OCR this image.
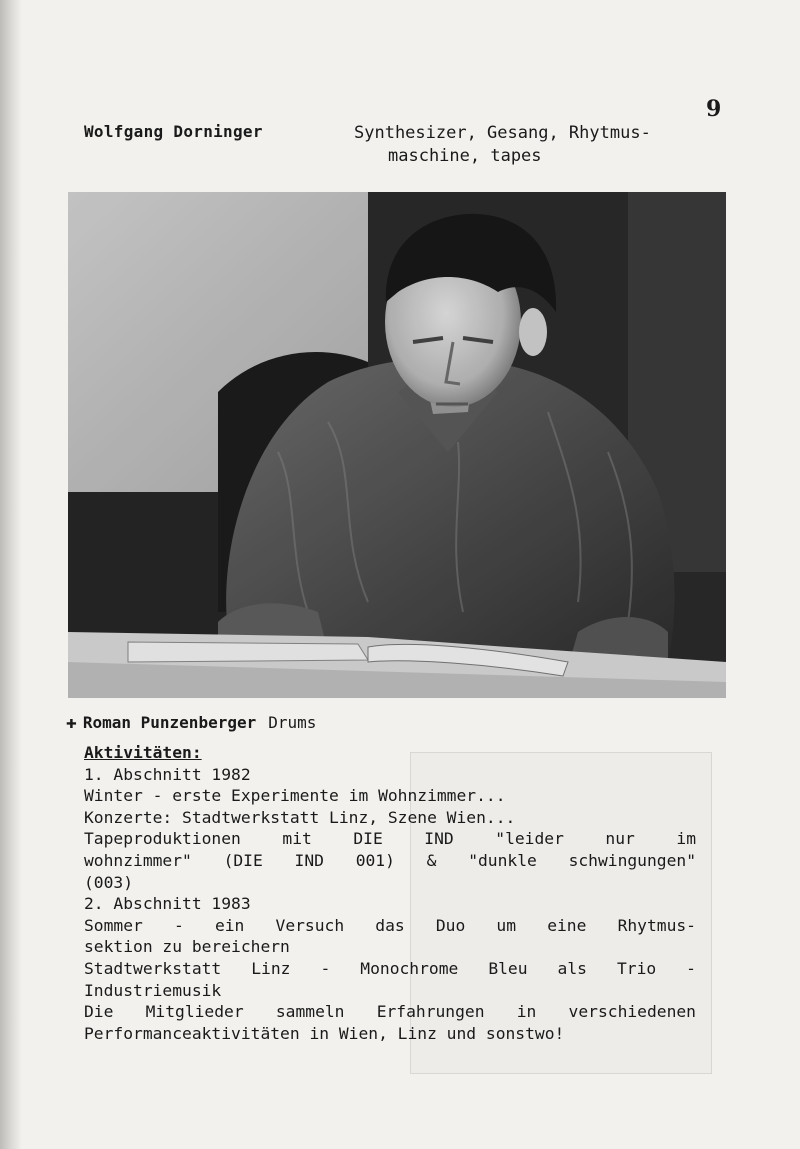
9
Wolfgang Dorninger	Synthesizer, Gesang, Rhytmus-
maschine, tapes
✚ Roman Punzenberger Drums
Aktivitäten:
1. Abschnitt 1982
Winter - erste Experimente im Wohnzimmer...
Konzerte: Stadtwerkstatt Linz, Szene Wien...
Tapeproduktionen mit DIE IND "leider nur im
wohnzimmer" (DIE IND 001) & "dunkle schwingungen"
(003)
2. Abschnitt 1983
Sommer - ein Versuch das Duo um eine Rhytmus-
sektion zu bereichern
Stadtwerkstatt Linz - Monochrome Bleu als Trio -
Industriemusik
Die Mitglieder sammeln Erfahrungen in verschiedenen
Performanceaktivitäten in Wien, Linz und sonstwo!
